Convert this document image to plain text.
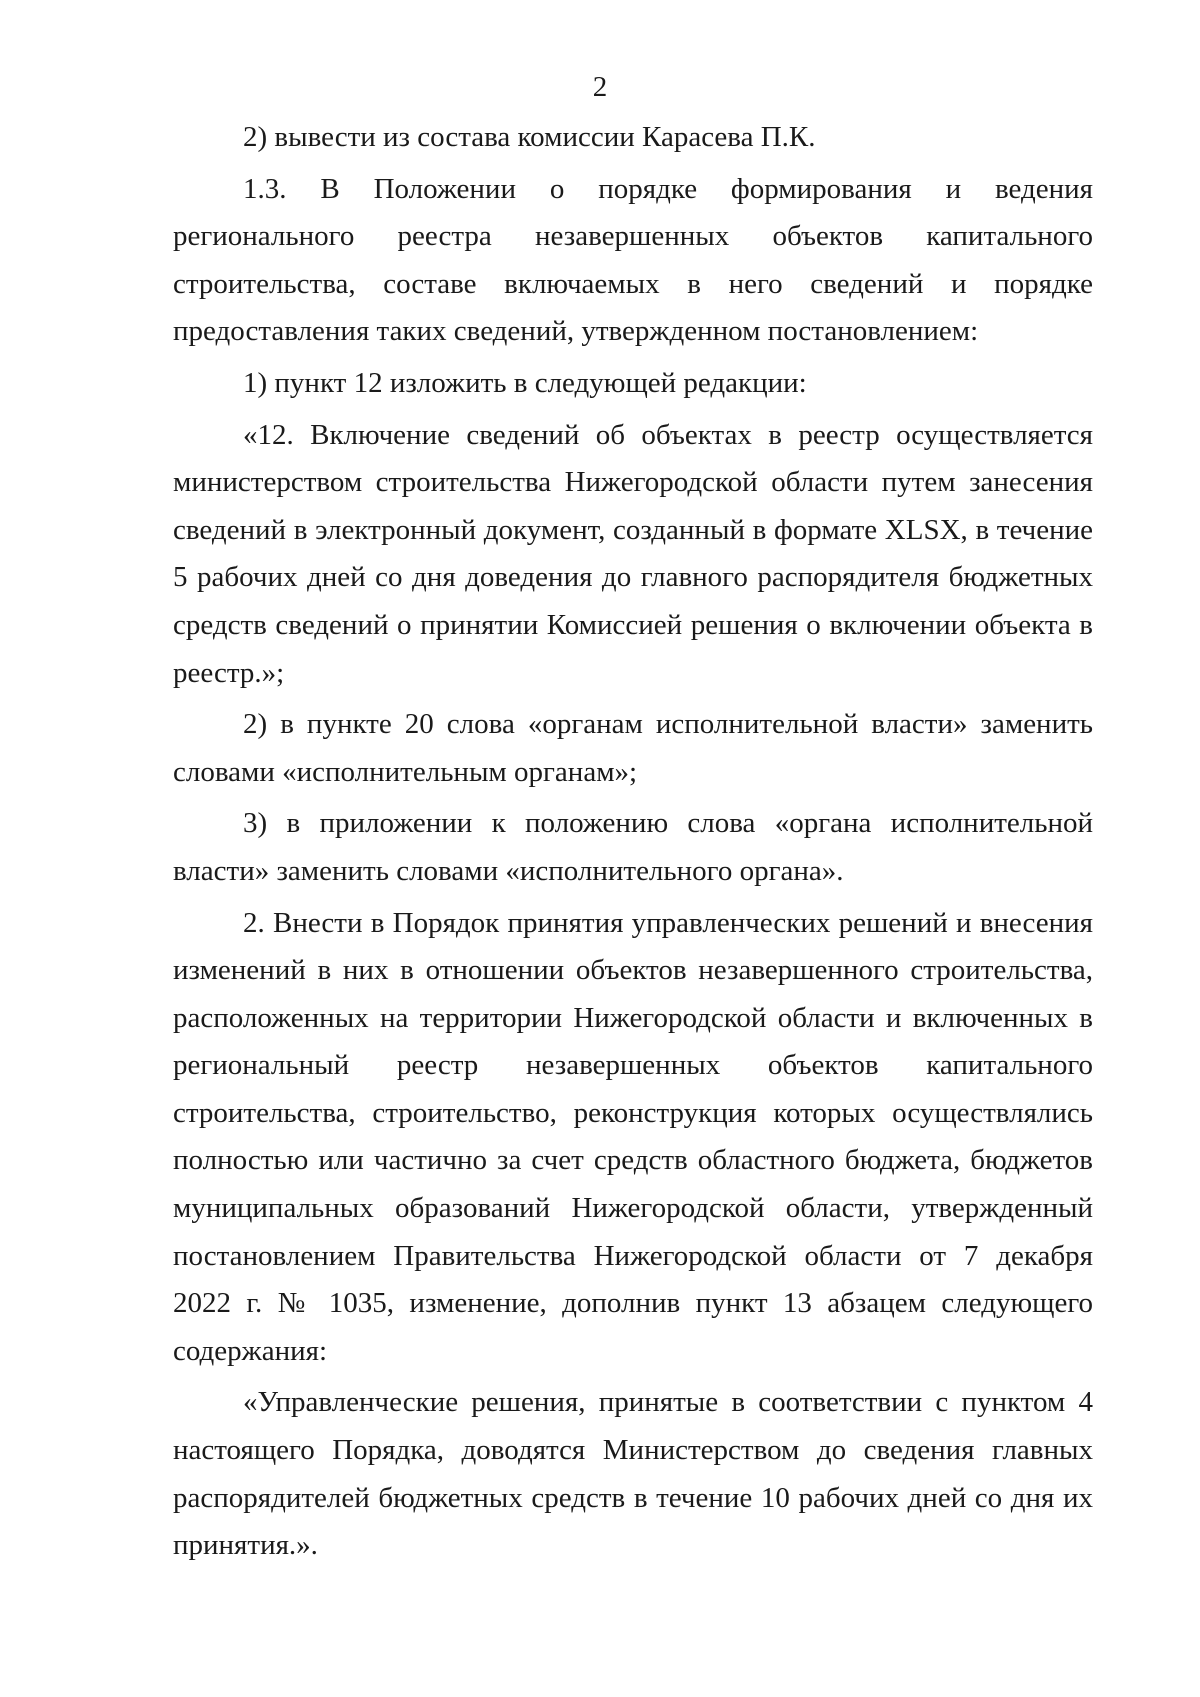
2

2) вывести из состава комиссии Карасева П.К.

1.3. В Положении о порядке формирования и ведения регионального реестра незавершенных объектов капитального строительства, составе включаемых в него сведений и порядке предоставления таких сведений, утвержденном постановлением:

1) пункт 12 изложить в следующей редакции:

«12. Включение сведений об объектах в реестр осуществляется министерством строительства Нижегородской области путем занесения сведений в электронный документ, созданный в формате XLSX, в течение 5 рабочих дней со дня доведения до главного распорядителя бюджетных средств сведений о принятии Комиссией решения о включении объекта в реестр.»;

2) в пункте 20 слова «органам исполнительной власти» заменить словами «исполнительным органам»;

3) в приложении к положению слова «органа исполнительной власти» заменить словами «исполнительного органа».

2. Внести в Порядок принятия управленческих решений и внесения изменений в них в отношении объектов незавершенного строительства, расположенных на территории Нижегородской области и включенных в региональный реестр незавершенных объектов капитального строительства, строительство, реконструкция которых осуществлялись полностью или частично за счет средств областного бюджета, бюджетов муниципальных образований Нижегородской области, утвержденный постановлением Правительства Нижегородской области от 7 декабря 2022 г. № 1035, изменение, дополнив пункт 13 абзацем следующего содержания:

«Управленческие решения, принятые в соответствии с пунктом 4 настоящего Порядка, доводятся Министерством до сведения главных распорядителей бюджетных средств в течение 10 рабочих дней со дня их принятия.».
